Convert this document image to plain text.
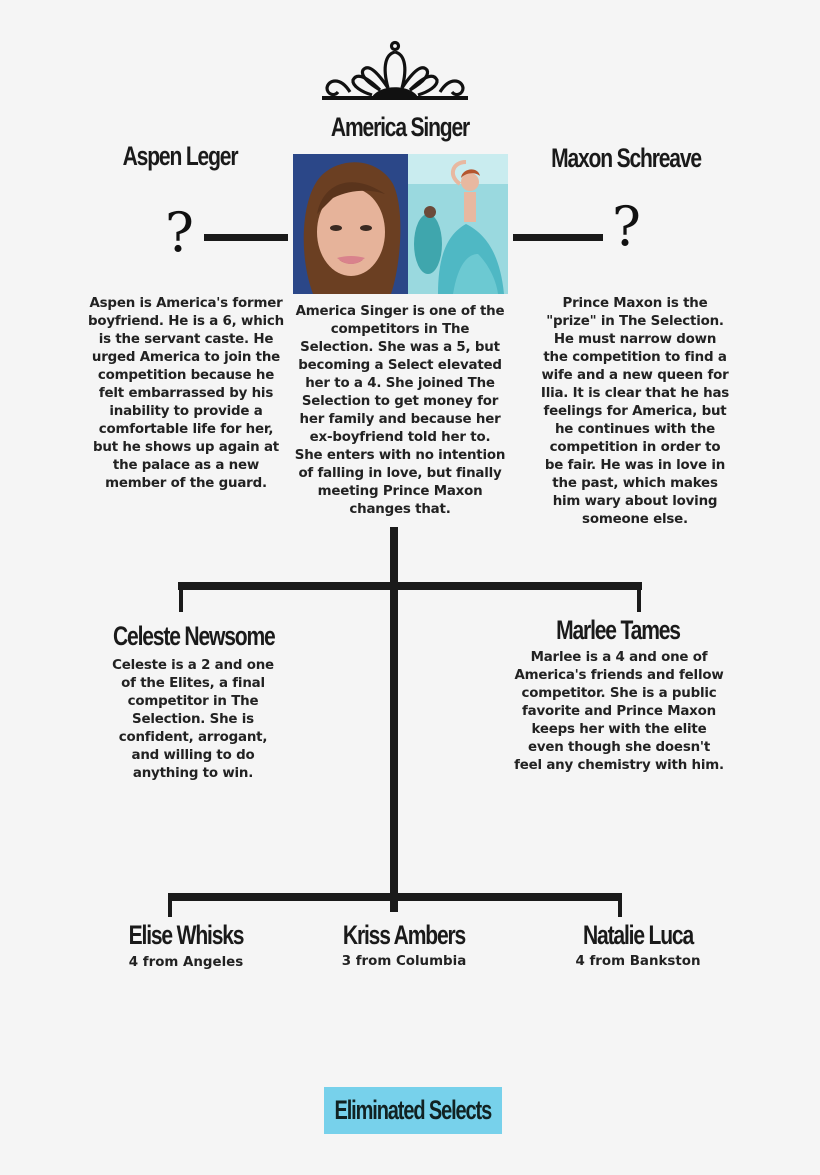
America Singer
Aspen Leger
?
Maxon Schreave
?
Aspen is America's former boyfriend. He is a 6, which is the servant caste. He urged America to join the competition because he felt embarrassed by his inability to provide a comfortable life for her, but he shows up again at the palace as a new member of the guard.
America Singer is one of the competitors in The Selection. She was a 5, but becoming a Select elevated her to a 4. She joined The Selection to get money for her family and because her ex-boyfriend told her to. She enters with no intention of falling in love, but finally meeting Prince Maxon changes that.
Prince Maxon is the "prize" in The Selection. He must narrow down the competition to find a wife and a new queen for Ilia. It is clear that he has feelings for America, but he continues with the competition in order to be fair. He was in love in the past, which makes him wary about loving someone else.
Celeste Newsome
Celeste is a 2 and one of the Elites, a final competitor in The Selection. She is confident, arrogant, and willing to do anything to win.
Marlee Tames
Marlee is a 4 and one of America's friends and fellow competitor. She is a public favorite and Prince Maxon keeps her with the elite even though she doesn't feel any chemistry with him.
Elise Whisks
4 from Angeles
Kriss Ambers
3 from Columbia
Natalie Luca
4 from Bankston
Eliminated Selects
